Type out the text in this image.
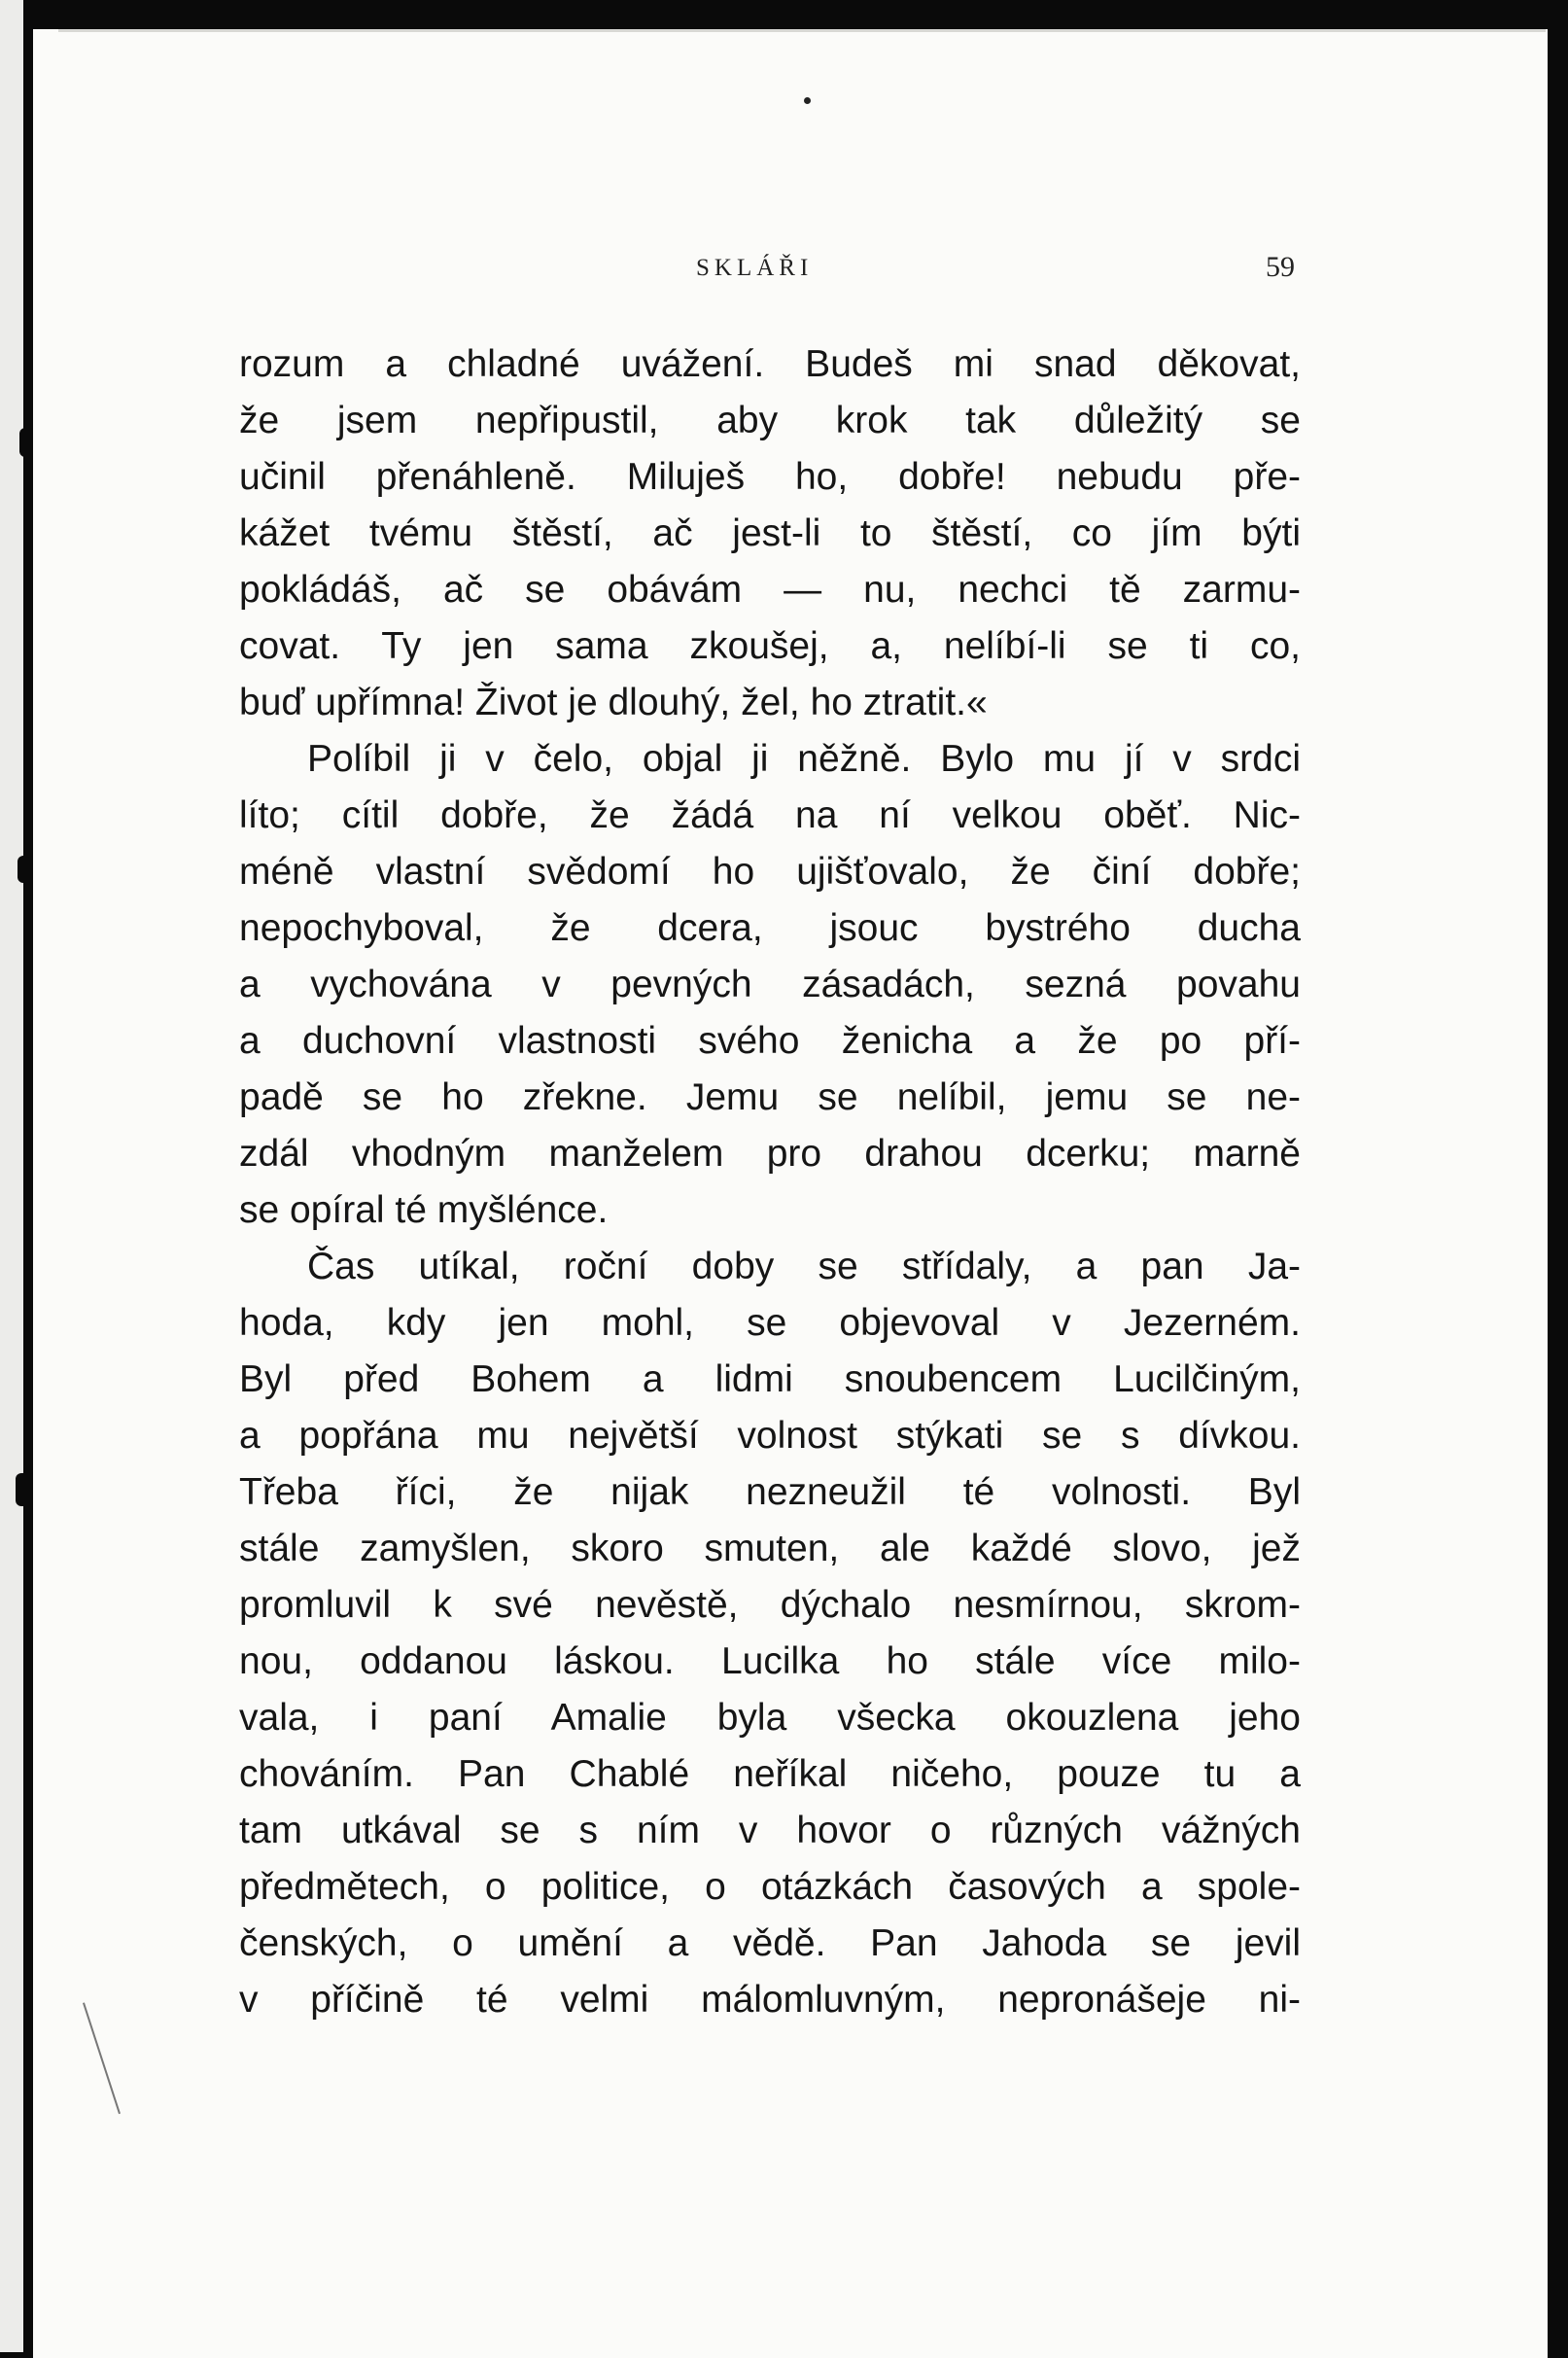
SKLÁŘI	59
rozum a chladné uvážení. Budeš mi snad děkovat,
že jsem nepřipustil, aby krok tak důležitý se
učinil přenáhleně. Miluješ ho, dobře! nebudu pře-
kážet tvému štěstí, ač jest-li to štěstí, co jím býti
pokládáš, ač se obávám — nu, nechci tě zarmu-
covat. Ty jen sama zkoušej, a, nelíbí-li se ti co,
buď upřímna! Život je dlouhý, žel, ho ztratit.«
Políbil ji v čelo, objal ji něžně. Bylo mu jí v srdci
líto; cítil dobře, že žádá na ní velkou oběť. Nic-
méně vlastní svědomí ho ujišťovalo, že činí dobře;
nepochyboval, že dcera, jsouc bystrého ducha
a vychována v pevných zásadách, sezná povahu
a duchovní vlastnosti svého ženicha a že po pří-
padě se ho zřekne. Jemu se nelíbil, jemu se ne-
zdál vhodným manželem pro drahou dcerku; marně
se opíral té myšlénce.
Čas utíkal, roční doby se střídaly, a pan Ja-
hoda, kdy jen mohl, se objevoval v Jezerném.
Byl před Bohem a lidmi snoubencem Lucilčiným,
a popřána mu největší volnost stýkati se s dívkou.
Třeba říci, že nijak nezneužil té volnosti. Byl
stále zamyšlen, skoro smuten, ale každé slovo, jež
promluvil k své nevěstě, dýchalo nesmírnou, skrom-
nou, oddanou láskou. Lucilka ho stále více milo-
vala, i paní Amalie byla všecka okouzlena jeho
chováním. Pan Chablé neříkal ničeho, pouze tu a
tam utkával se s ním v hovor o různých vážných
předmětech, o politice, o otázkách časových a spole-
čenských, o umění a vědě. Pan Jahoda se jevil
v příčině té velmi málomluvným, nepronášeje ni-
